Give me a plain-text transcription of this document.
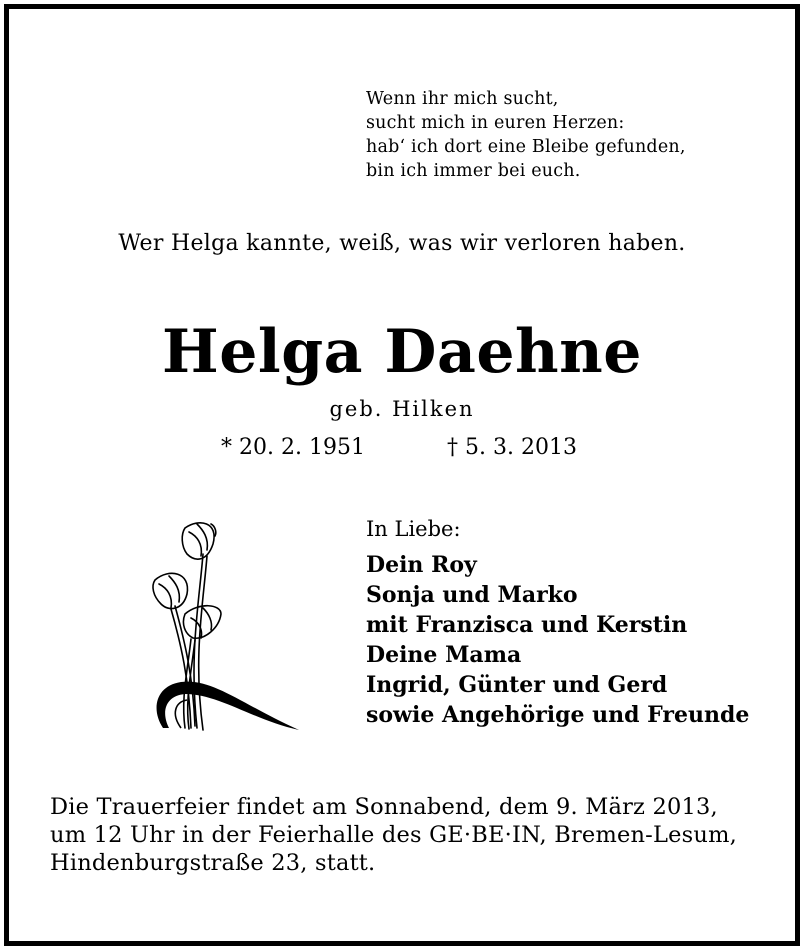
Wenn ihr mich sucht,
sucht mich in euren Herzen:
hab‘ ich dort eine Bleibe gefunden,
bin ich immer bei euch.
Wer Helga kannte, weiß, was wir verloren haben.
Helga Daehne
geb. Hilken
* 20. 2. 1951	† 5. 3. 2013
In Liebe:
Dein Roy
Sonja und Marko
mit Franzisca und Kerstin
Deine Mama
Ingrid, Günter und Gerd
sowie Angehörige und Freunde
Die Trauerfeier findet am Sonnabend, dem 9. März 2013,
um 12 Uhr in der Feierhalle des GE·BE·IN, Bremen-Lesum,
Hindenburgstraße 23, statt.
